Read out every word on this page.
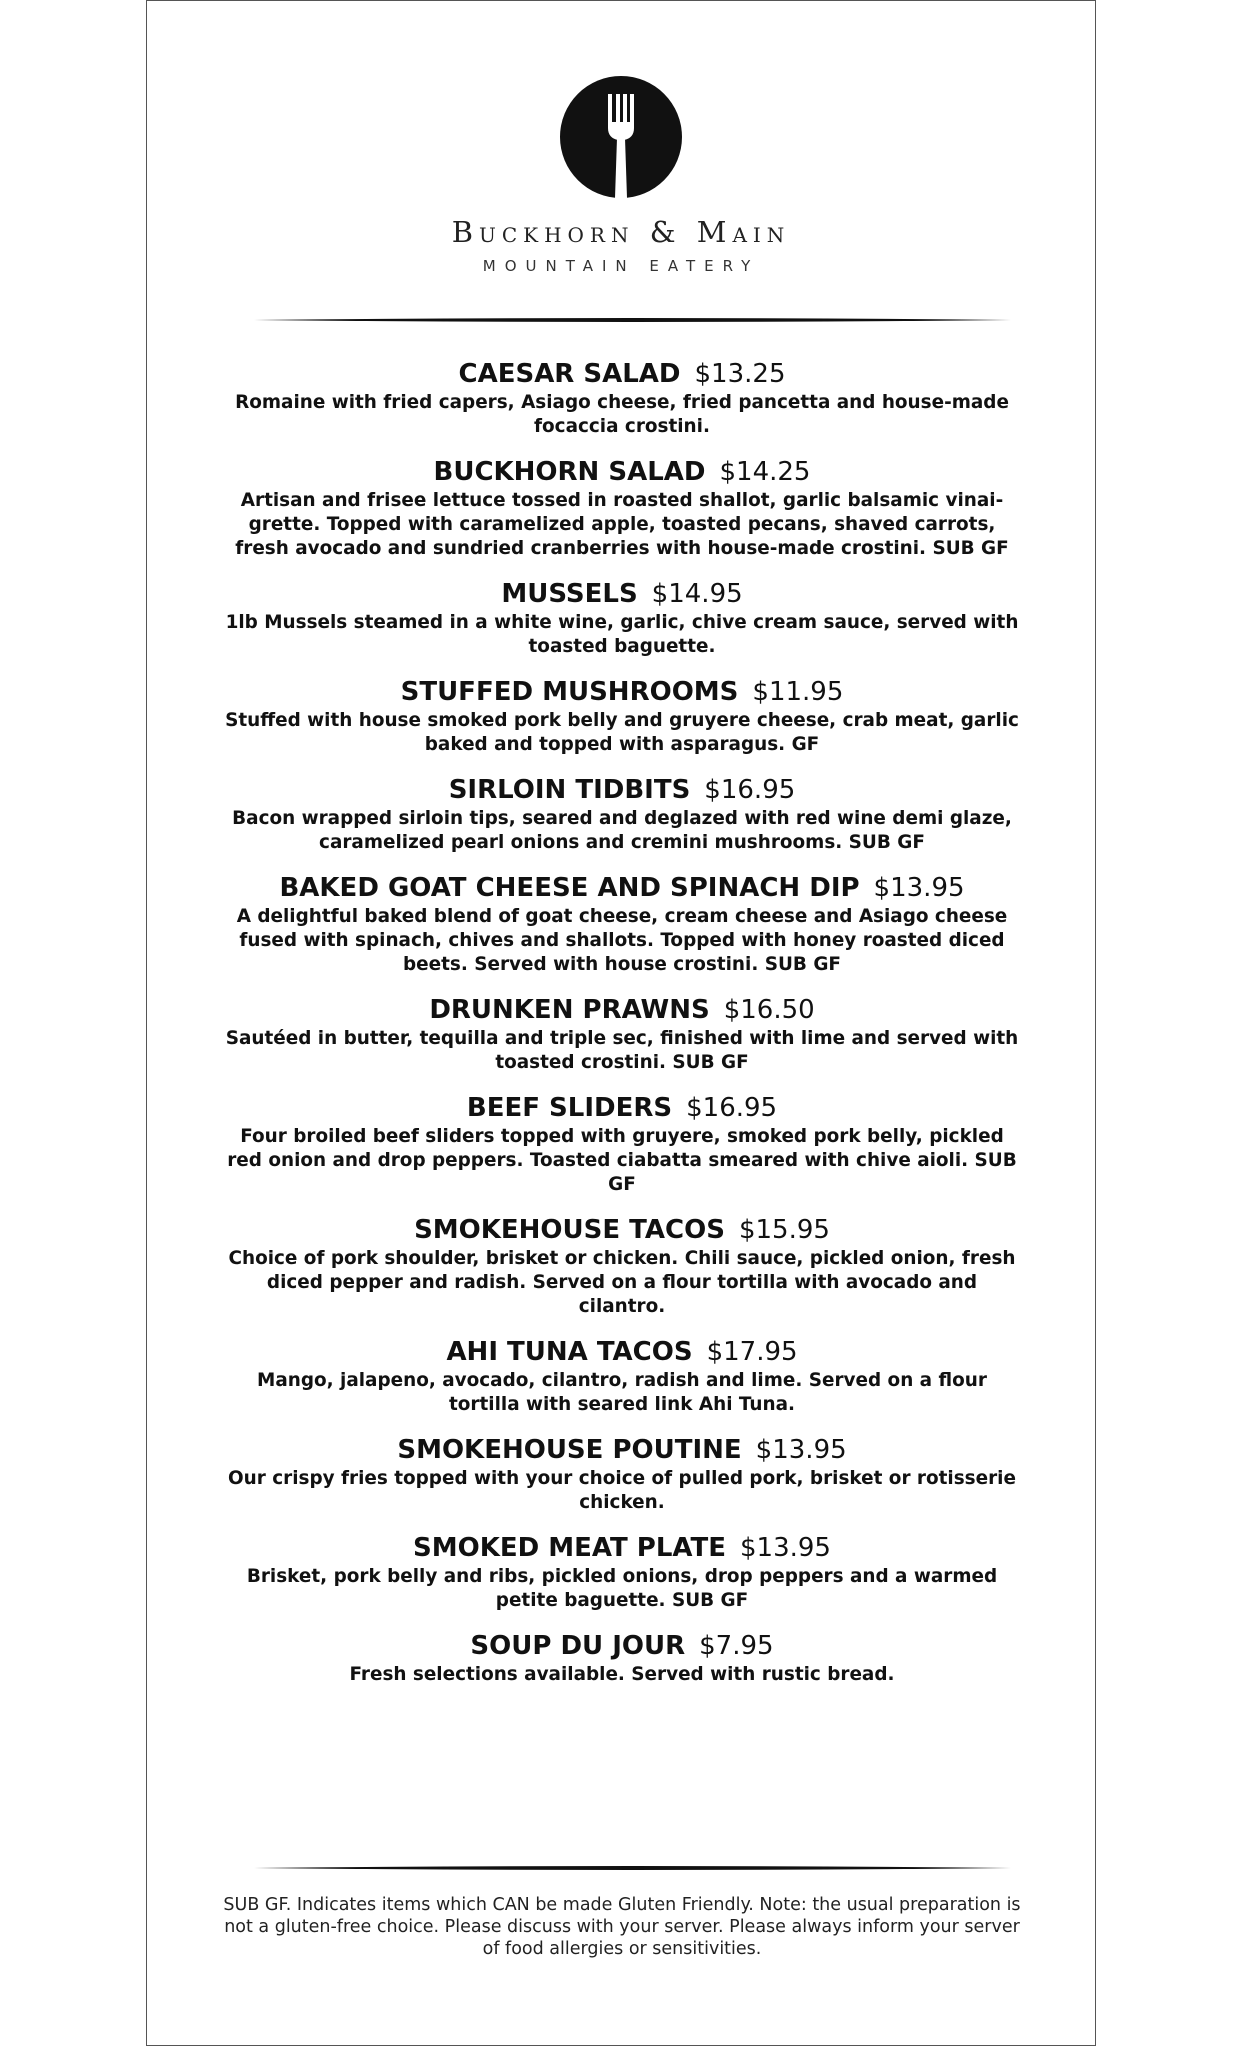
Buckhorn & Main
MOUNTAIN EATERY
CAESAR SALAD $13.25
Romaine with fried capers, Asiago cheese, fried pancetta and house-made focaccia crostini.
BUCKHORN SALAD $14.25
Artisan and frisee lettuce tossed in roasted shallot, garlic balsamic vinai-grette. Topped with caramelized apple, toasted pecans, shaved carrots, fresh avocado and sundried cranberries with house-made crostini. SUB GF
MUSSELS $14.95
1lb Mussels steamed in a white wine, garlic, chive cream sauce, served with toasted baguette.
STUFFED MUSHROOMS $11.95
Stuffed with house smoked pork belly and gruyere cheese, crab meat, garlic baked and topped with asparagus. GF
SIRLOIN TIDBITS $16.95
Bacon wrapped sirloin tips, seared and deglazed with red wine demi glaze, caramelized pearl onions and cremini mushrooms. SUB GF
BAKED GOAT CHEESE AND SPINACH DIP $13.95
A delightful baked blend of goat cheese, cream cheese and Asiago cheese fused with spinach, chives and shallots. Topped with honey roasted diced beets. Served with house crostini. SUB GF
DRUNKEN PRAWNS $16.50
Sautéed in butter, tequilla and triple sec, finished with lime and served with toasted crostini. SUB GF
BEEF SLIDERS $16.95
Four broiled beef sliders topped with gruyere, smoked pork belly, pickled red onion and drop peppers. Toasted ciabatta smeared with chive aioli. SUB GF
SMOKEHOUSE TACOS $15.95
Choice of pork shoulder, brisket or chicken. Chili sauce, pickled onion, fresh diced pepper and radish. Served on a flour tortilla with avocado and cilantro.
AHI TUNA TACOS $17.95
Mango, jalapeno, avocado, cilantro, radish and lime. Served on a flour tortilla with seared link Ahi Tuna.
SMOKEHOUSE POUTINE $13.95
Our crispy fries topped with your choice of pulled pork, brisket or rotisserie chicken.
SMOKED MEAT PLATE $13.95
Brisket, pork belly and ribs, pickled onions, drop peppers and a warmed petite baguette. SUB GF
SOUP DU JOUR $7.95
Fresh selections available. Served with rustic bread.
SUB GF. Indicates items which CAN be made Gluten Friendly. Note: the usual preparation is not a gluten-free choice. Please discuss with your server. Please always inform your server of food allergies or sensitivities.
